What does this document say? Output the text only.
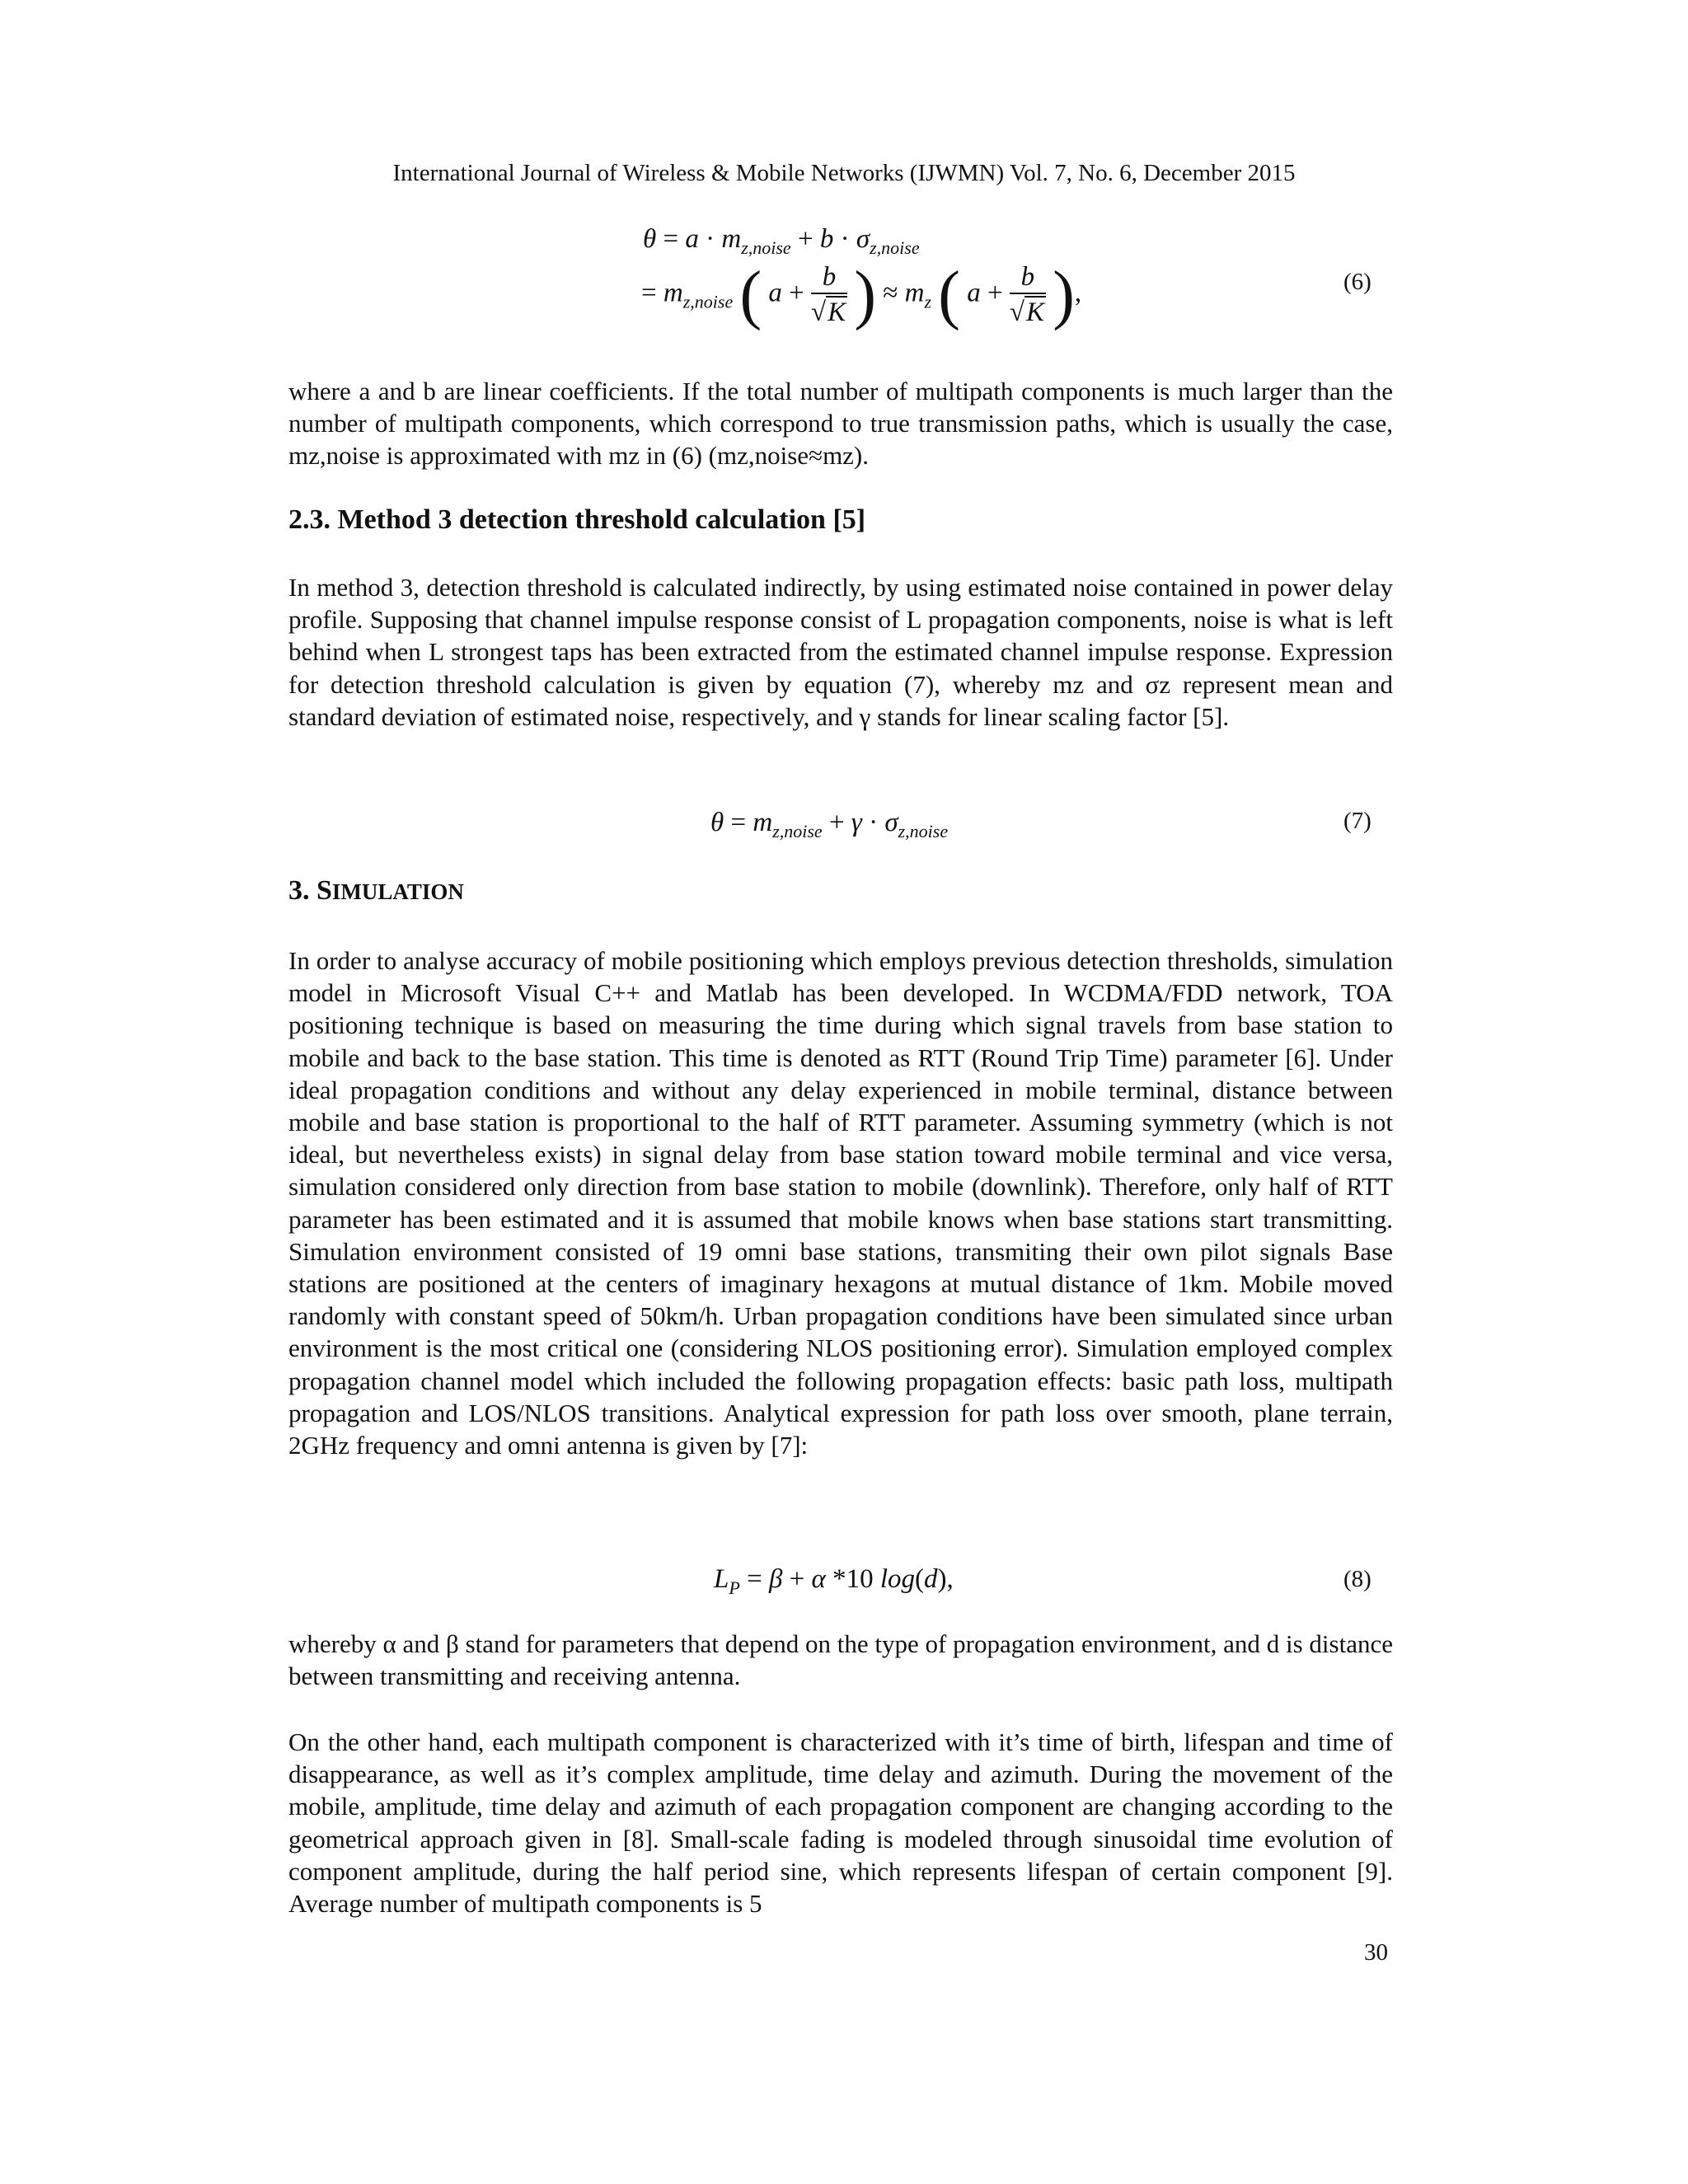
International Journal of Wireless & Mobile Networks (IJWMN) Vol. 7, No. 6, December 2015
$\theta = a \cdot m_{z,noise} + b \cdot \sigma_{z,noise}$
= $m_{z,noise}$ ( $a + \frac{b}{√K}$ ) ≈ $m_z$ ( $a + \frac{b}{√K}$ ),	(6)
where a and b are linear coefficients. If the total number of multipath components is much larger than the number of multipath components, which correspond to true transmission paths, which is usually the case, mz,noise is approximated with mz in (6) (mz,noise≈mz).
2.3. Method 3 detection threshold calculation [5]
In method 3, detection threshold is calculated indirectly, by using estimated noise contained in power delay profile. Supposing that channel impulse response consist of L propagation components, noise is what is left behind when L strongest taps has been extracted from the estimated channel impulse response. Expression for detection threshold calculation is given by equation (7), whereby mz and σz represent mean and standard deviation of estimated noise, respectively, and γ stands for linear scaling factor [5].
$\theta = m_{z,noise} + \gamma \cdot \sigma_{z,noise}$	(7)
3. SIMULATION
In order to analyse accuracy of mobile positioning which employs previous detection thresholds, simulation model in Microsoft Visual C++ and Matlab has been developed. In WCDMA/FDD network, TOA positioning technique is based on measuring the time during which signal travels from base station to mobile and back to the base station. This time is denoted as RTT (Round Trip Time) parameter [6]. Under ideal propagation conditions and without any delay experienced in mobile terminal, distance between mobile and base station is proportional to the half of RTT parameter. Assuming symmetry (which is not ideal, but nevertheless exists) in signal delay from base station toward mobile terminal and vice versa, simulation considered only direction from base station to mobile (downlink). Therefore, only half of RTT parameter has been estimated and it is assumed that mobile knows when base stations start transmitting. Simulation environment consisted of 19 omni base stations, transmiting their own pilot signals Base stations are positioned at the centers of imaginary hexagons at mutual distance of 1km. Mobile moved randomly with constant speed of 50km/h. Urban propagation conditions have been simulated since urban environment is the most critical one (considering NLOS positioning error). Simulation employed complex propagation channel model which included the following propagation effects: basic path loss, multipath propagation and LOS/NLOS transitions. Analytical expression for path loss over smooth, plane terrain, 2GHz frequency and omni antenna is given by [7]:
$L_P = \beta + \alpha$ *10 log(d),	(8)
whereby α and β stand for parameters that depend on the type of propagation environment, and d is distance between transmitting and receiving antenna.
On the other hand, each multipath component is characterized with it’s time of birth, lifespan and time of disappearance, as well as it’s complex amplitude, time delay and azimuth. During the movement of the mobile, amplitude, time delay and azimuth of each propagation component are changing according to the geometrical approach given in [8]. Small-scale fading is modeled through sinusoidal time evolution of component amplitude, during the half period sine, which represents lifespan of certain component [9]. Average number of multipath components is 5
30
